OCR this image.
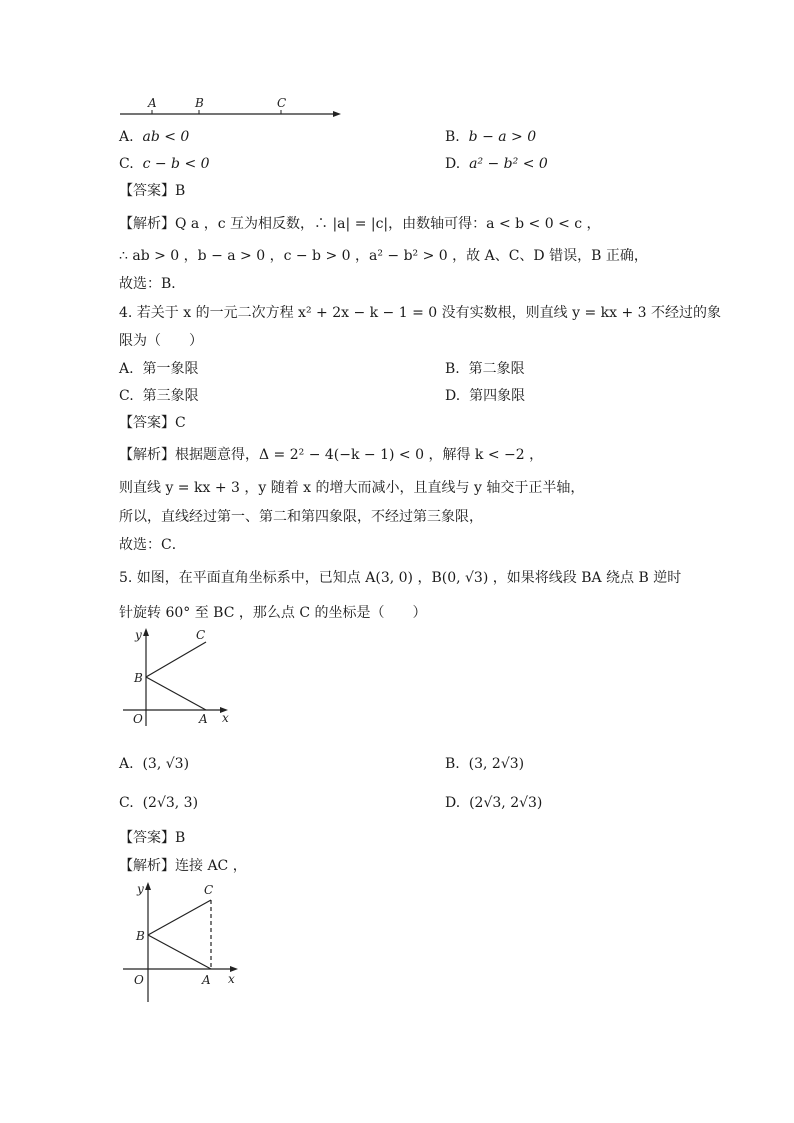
A	B	C
A. ab < 0	B. b − a > 0
C. c − b < 0	D. a² − b² < 0
【答案】B
【解析】Q a ，c 互为相反数，∴ |a| = |c|，由数轴可得：a < b < 0 < c ，
∴ ab > 0 ，b − a > 0 ，c − b > 0 ，a² − b² > 0 ，故 A、C、D 错误，B 正确，
故选：B．
4. 若关于 x 的一元二次方程 x² + 2x − k − 1 = 0 没有实数根，则直线 y = kx + 3 不经过的象
限为（　　）
A. 第一象限	B. 第二象限
C. 第三象限	D. 第四象限
【答案】C
【解析】根据题意得，Δ = 2² − 4(−k − 1) < 0 ，解得 k < −2 ，
则直线 y = kx + 3 ，y 随着 x 的增大而减小，且直线与 y 轴交于正半轴，
所以，直线经过第一、第二和第四象限，不经过第三象限，
故选：C．
5. 如图，在平面直角坐标系中，已知点 A(3, 0) ，B(0, √3) ，如果将线段 BA 绕点 B 逆时
针旋转 60° 至 BC ，那么点 C 的坐标是（　　）
y	C
B
O	A x
A. (3, √3)	B. (3, 2√3)
C. (2√3, 3)	D. (2√3, 2√3)
【答案】B
【解析】连接 AC ，
y	C
B
O	A x
